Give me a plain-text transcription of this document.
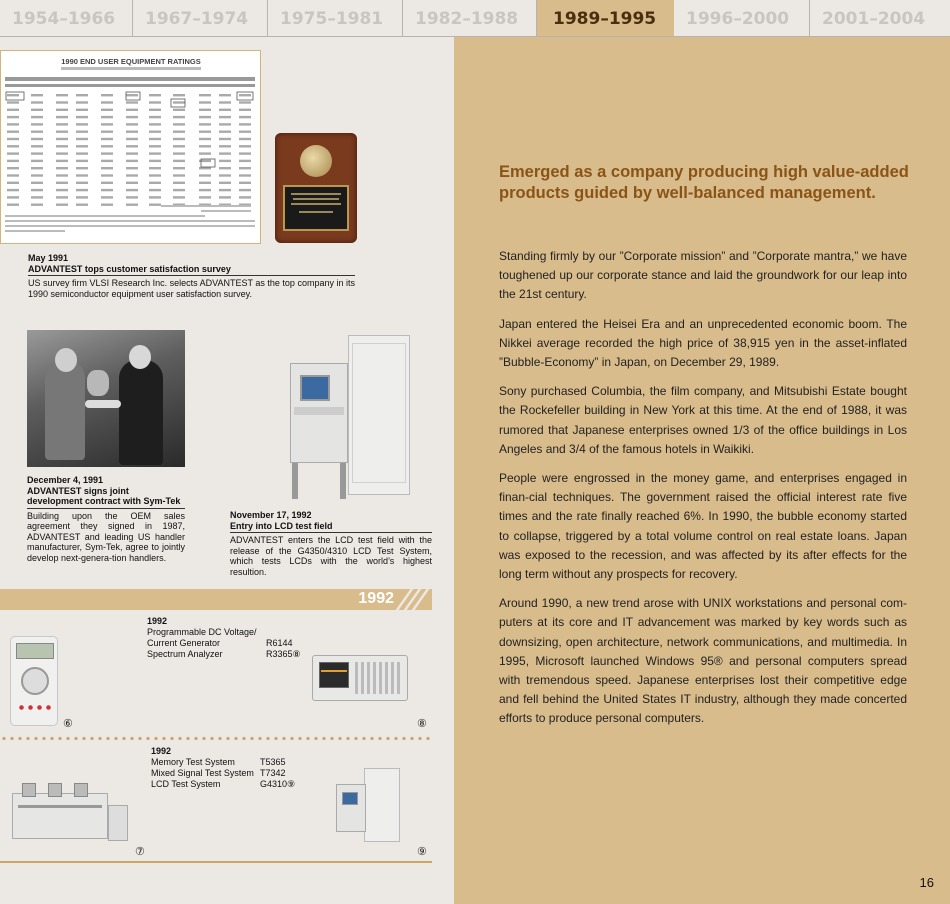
1954–1966	1967–1974	1975–1981	1982–1988	1989–1995	1996–2000	2001–2004
Emerged as a company producing high value-added products guided by well-balanced management.

Standing firmly by our ”Corporate mission” and ”Corporate mantra,” we have toughened up our corporate stance and laid the groundwork for our leap into the 21st century.

Japan entered the Heisei Era and an unprecedented economic boom. The Nikkei average recorded the high price of 38,915 yen in the asset-inflated ”Bubble-Economy” in Japan, on December 29, 1989.

Sony purchased Columbia, the film company, and Mitsubishi Estate bought the Rockefeller building in New York at this time. At the end of 1988, it was rumored that Japanese enterprises owned 1/3 of the office buildings in Los Angeles and 3/4 of the famous hotels in Waikiki.

People were engrossed in the money game, and enterprises engaged in finan-cial techniques. The government raised the official interest rate five times and the rate finally reached 6%. In 1990, the bubble economy started to collapse, triggered by a total volume control on real estate loans. Japan was exposed to the recession, and was affected by its after effects for the long term without any prospects for recovery.

Around 1990, a new trend arose with UNIX workstations and personal com-puters at its core and IT advancement was marked by key words such as downsizing, open architecture, network communications, and multimedia. In 1995, Microsoft launched Windows 95® and personal computers spread with tremendous speed. Japanese enterprises lost their competitive edge and fell behind the United States IT industry, although they made concerted efforts to produce personal computers.

16
1990 END USER EQUIPMENT RATINGS
May 1991
ADVANTEST tops customer satisfaction survey
US survey firm VLSI Research Inc. selects ADVANTEST as the top company in its 1990 semiconductor equipment user satisfaction survey.
December 4, 1991
ADVANTEST signs joint development contract with Sym-Tek
Building upon the OEM sales agreement they signed in 1987, ADVANTEST and leading US handler manufacturer, Sym-Tek, agree to jointly develop next-genera-tion handlers.
November 17, 1992
Entry into LCD test field
ADVANTEST enters the LCD test field with the release of the G4350/4310 LCD Test System, which tests LCDs with the world’s highest resultion.
1992
⑥
1992
Programmable DC Voltage/ Current Generator	R6144
Spectrum Analyzer	R3365⑧
⑧
1992
Memory Test System	T5365
Mixed Signal Test System	T7342
LCD Test System	G4310⑨
⑦	⑨
